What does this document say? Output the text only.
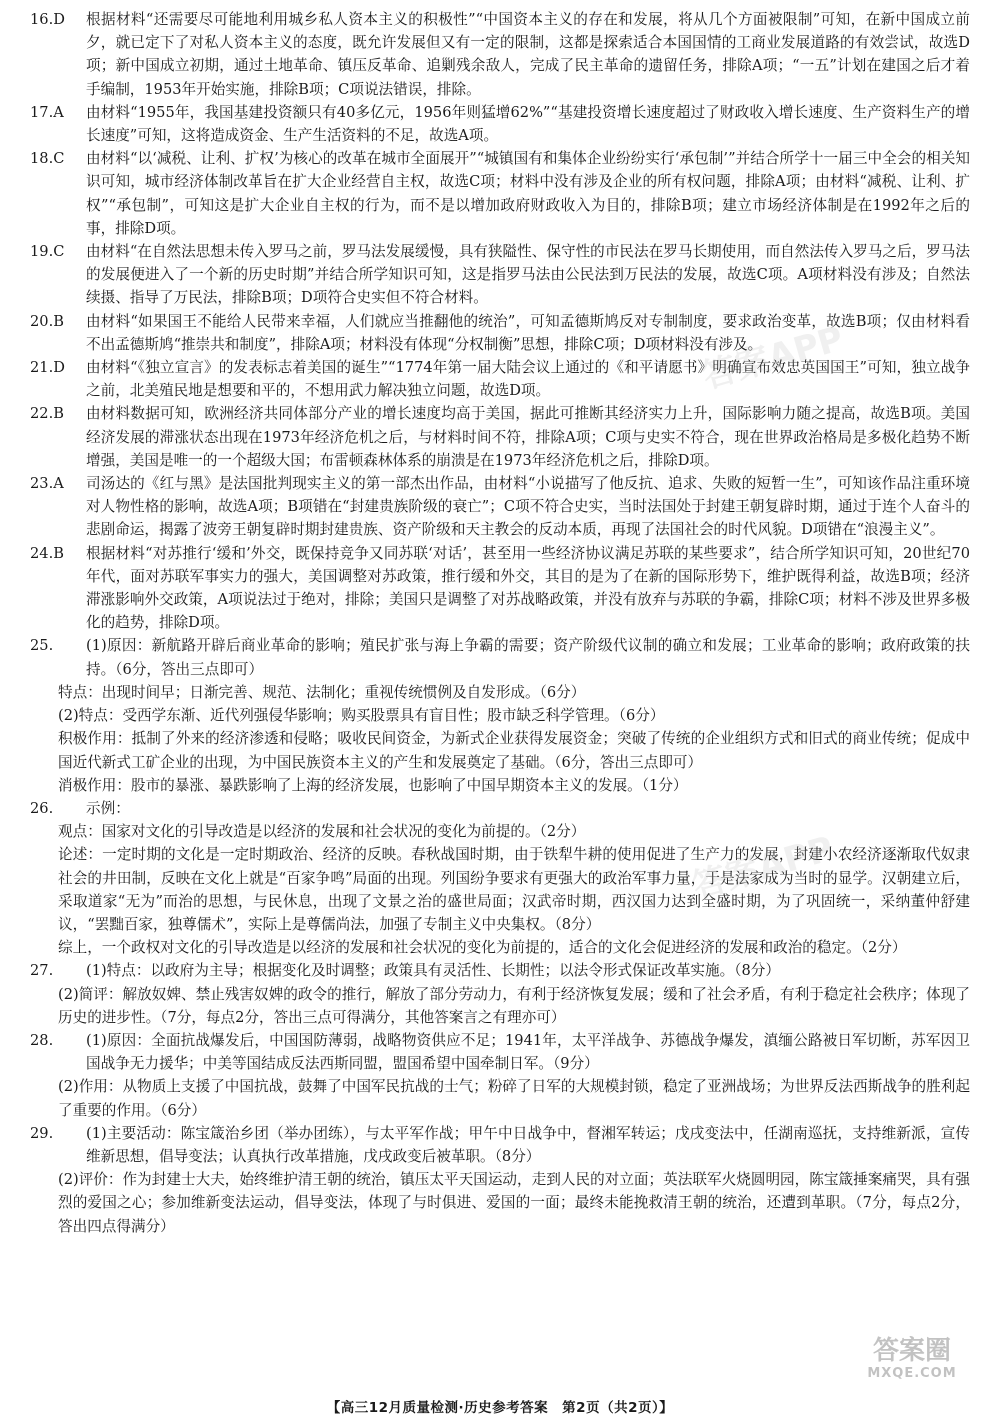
16.D	根据材料“还需要尽可能地利用城乡私人资本主义的积极性”“中国资本主义的存在和发展，将从几个方面被限制”可知，在新中国成立前夕，就已定下了对私人资本主义的态度，既允许发展但又有一定的限制，这都是探索适合本国国情的工商业发展道路的有效尝试，故选D项；新中国成立初期，通过土地革命、镇压反革命、追剿残余敌人，完成了民主革命的遗留任务，排除A项；“一五”计划在建国之后才着手编制，1953年开始实施，排除B项；C项说法错误，排除。
17.A	由材料“1955年，我国基建投资额只有40多亿元，1956年则猛增62%”“基建投资增长速度超过了财政收入增长速度、生产资料生产的增长速度”可知，这将造成资金、生产生活资料的不足，故选A项。
18.C	由材料“以‘减税、让利、扩权’为核心的改革在城市全面展开”“城镇国有和集体企业纷纷实行‘承包制’”并结合所学十一届三中全会的相关知识可知，城市经济体制改革旨在扩大企业经营自主权，故选C项；材料中没有涉及企业的所有权问题，排除A项；由材料“减税、让利、扩权”“承包制”，可知这是扩大企业自主权的行为，而不是以增加政府财政收入为目的，排除B项；建立市场经济体制是在1992年之后的事，排除D项。
19.C	由材料“在自然法思想未传入罗马之前，罗马法发展缓慢，具有狭隘性、保守性的市民法在罗马长期使用，而自然法传入罗马之后，罗马法的发展便进入了一个新的历史时期”并结合所学知识可知，这是指罗马法由公民法到万民法的发展，故选C项。A项材料没有涉及；自然法续摄、指导了万民法，排除B项；D项符合史实但不符合材料。
20.B	由材料“如果国王不能给人民带来幸福，人们就应当推翻他的统治”，可知孟德斯鸠反对专制制度，要求政治变革，故选B项；仅由材料看不出孟德斯鸠“推崇共和制度”，排除A项；材料没有体现“分权制衡”思想，排除C项；D项材料没有涉及。
21.D	由材料“《独立宣言》的发表标志着美国的诞生”“1774年第一届大陆会议上通过的《和平请愿书》明确宣布效忠英国国王”可知，独立战争之前，北美殖民地是想要和平的，不想用武力解决独立问题，故选D项。
22.B	由材料数据可知，欧洲经济共同体部分产业的增长速度均高于美国，据此可推断其经济实力上升，国际影响力随之提高，故选B项。美国经济发展的滞涨状态出现在1973年经济危机之后，与材料时间不符，排除A项；C项与史实不符合，现在世界政治格局是多极化趋势不断增强，美国是唯一的一个超级大国；布雷顿森林体系的崩溃是在1973年经济危机之后，排除D项。
23.A	司汤达的《红与黑》是法国批判现实主义的第一部杰出作品，由材料“小说描写了他反抗、追求、失败的短暂一生”，可知该作品注重环境对人物性格的影响，故选A项；B项错在“封建贵族阶级的衰亡”；C项不符合史实，当时法国处于封建王朝复辟时期，通过于连个人奋斗的悲剧命运，揭露了波旁王朝复辟时期封建贵族、资产阶级和天主教会的反动本质，再现了法国社会的时代风貌。D项错在“浪漫主义”。
24.B	根据材料“对苏推行‘缓和’外交，既保持竞争又同苏联‘对话’，甚至用一些经济协议满足苏联的某些要求”，结合所学知识可知，20世纪70年代，面对苏联军事实力的强大，美国调整对苏政策，推行缓和外交，其目的是为了在新的国际形势下，维护既得利益，故选B项；经济滞涨影响外交政策，A项说法过于绝对，排除；美国只是调整了对苏战略政策，并没有放弃与苏联的争霸，排除C项；材料不涉及世界多极化的趋势，排除D项。
25.	(1)原因：新航路开辟后商业革命的影响；殖民扩张与海上争霸的需要；资产阶级代议制的确立和发展；工业革命的影响；政府政策的扶持。（6分，答出三点即可）
特点：出现时间早；日渐完善、规范、法制化；重视传统惯例及自发形成。（6分）
(2)特点：受西学东渐、近代列强侵华影响；购买股票具有盲目性；股市缺乏科学管理。（6分）
积极作用：抵制了外来的经济渗透和侵略；吸收民间资金，为新式企业获得发展资金；突破了传统的企业组织方式和旧式的商业传统；促成中国近代新式工矿企业的出现，为中国民族资本主义的产生和发展奠定了基础。（6分，答出三点即可）
消极作用：股市的暴涨、暴跌影响了上海的经济发展，也影响了中国早期资本主义的发展。（1分）
26.	示例：
观点：国家对文化的引导改造是以经济的发展和社会状况的变化为前提的。（2分）
论述：一定时期的文化是一定时期政治、经济的反映。春秋战国时期，由于铁犁牛耕的使用促进了生产力的发展，封建小农经济逐渐取代奴隶社会的井田制，反映在文化上就是“百家争鸣”局面的出现。列国纷争要求有更强大的政治军事力量，于是法家成为当时的显学。汉朝建立后，采取道家“无为”而治的思想，与民休息，出现了文景之治的盛世局面；汉武帝时期，西汉国力达到全盛时期，为了巩固统一，采纳董仲舒建议，“罢黜百家，独尊儒术”，实际上是尊儒尚法，加强了专制主义中央集权。（8分）
综上，一个政权对文化的引导改造是以经济的发展和社会状况的变化为前提的，适合的文化会促进经济的发展和政治的稳定。（2分）
27.	(1)特点：以政府为主导；根据变化及时调整；政策具有灵活性、长期性；以法令形式保证改革实施。（8分）
(2)简评：解放奴婢、禁止残害奴婢的政令的推行，解放了部分劳动力，有利于经济恢复发展；缓和了社会矛盾，有利于稳定社会秩序；体现了历史的进步性。（7分，每点2分，答出三点可得满分，其他答案言之有理亦可）
28.	(1)原因：全面抗战爆发后，中国国防薄弱，战略物资供应不足；1941年，太平洋战争、苏德战争爆发，滇缅公路被日军切断，苏军因卫国战争无力援华；中美等国结成反法西斯同盟，盟国希望中国牵制日军。（9分）
(2)作用：从物质上支援了中国抗战，鼓舞了中国军民抗战的士气；粉碎了日军的大规模封锁，稳定了亚洲战场；为世界反法西斯战争的胜利起了重要的作用。（6分）
29.	(1)主要活动：陈宝箴治乡团（举办团练），与太平军作战；甲午中日战争中，督湘军转运；戊戌变法中，任湖南巡抚，支持维新派，宣传维新思想，倡导变法；认真执行改革措施，戊戌政变后被革职。（8分）
(2)评价：作为封建士大夫，始终维护清王朝的统治，镇压太平天国运动，走到人民的对立面；英法联军火烧圆明园，陈宝箴捶案痛哭，具有强烈的爱国之心；参加维新变法运动，倡导变法，体现了与时俱进、爱国的一面；最终未能挽救清王朝的统治，还遭到革职。（7分，每点2分，答出四点得满分）
答案APP
答案APP
答案圈
MXQE.COM
【高三12月质量检测·历史参考答案　第2页（共2页）】
